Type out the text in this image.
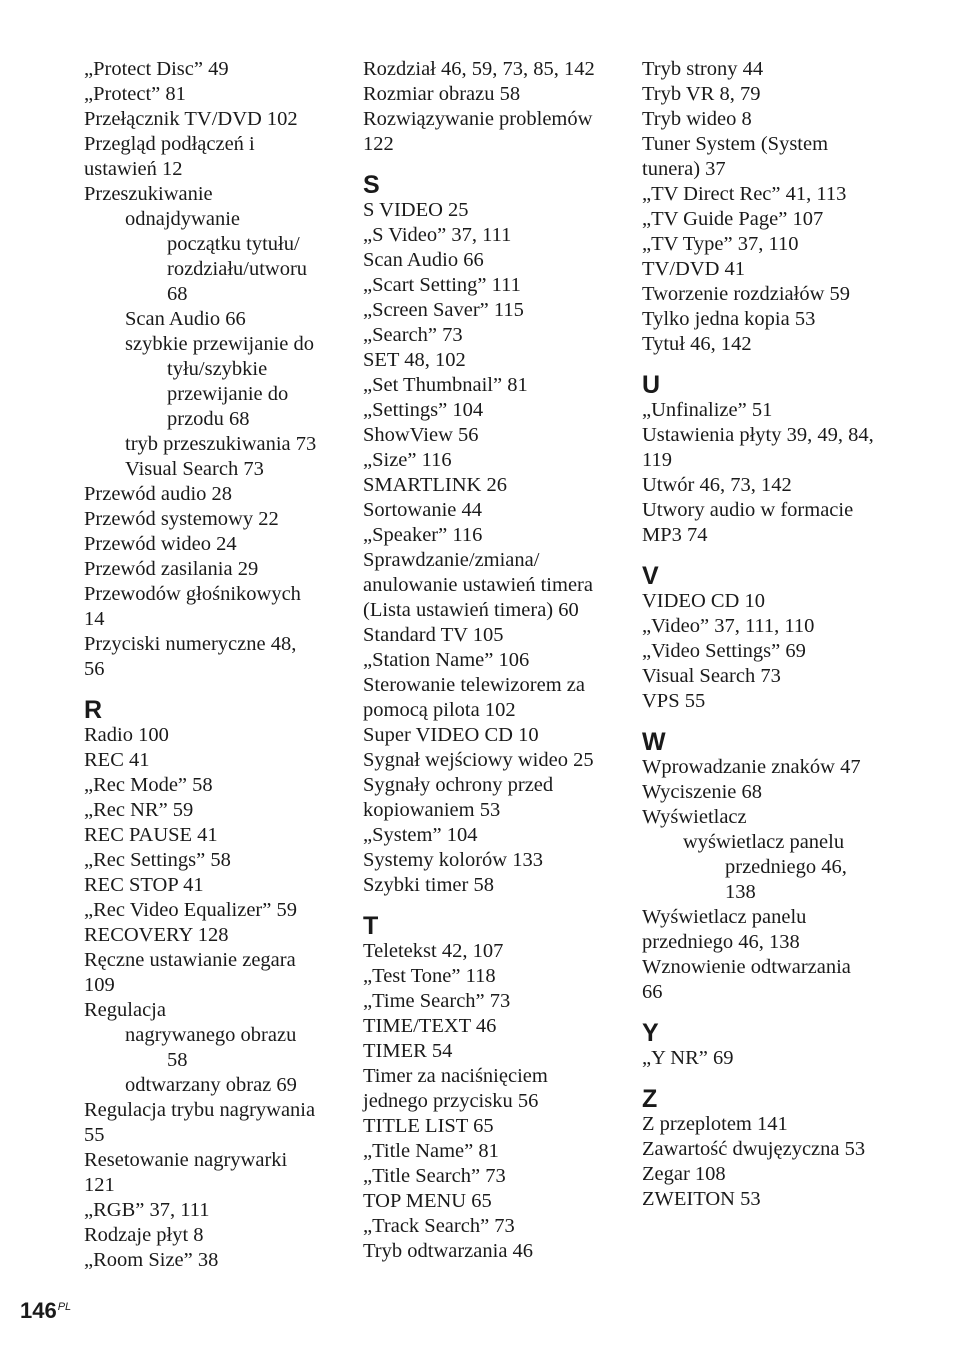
„Protect Disc” 49
„Protect” 81
Przełącznik TV/DVD 102
Przegląd podłączeń i
ustawień 12
Przeszukiwanie
odnajdywanie
początku tytułu/
rozdziału/utworu
68
Scan Audio 66
szybkie przewijanie do
tyłu/szybkie
przewijanie do
przodu 68
tryb przeszukiwania 73
Visual Search 73
Przewód audio 28
Przewód systemowy 22
Przewód wideo 24
Przewód zasilania 29
Przewodów głośnikowych
14
Przyciski numeryczne 48,
56
R
Radio 100
REC 41
„Rec Mode” 58
„Rec NR” 59
REC PAUSE 41
„Rec Settings” 58
REC STOP 41
„Rec Video Equalizer” 59
RECOVERY 128
Ręczne ustawianie zegara
109
Regulacja
nagrywanego obrazu
58
odtwarzany obraz 69
Regulacja trybu nagrywania
55
Resetowanie nagrywarki
121
„RGB” 37, 111
Rodzaje płyt 8
„Room Size” 38
Rozdział 46, 59, 73, 85, 142
Rozmiar obrazu 58
Rozwiązywanie problemów
122
S
S VIDEO 25
„S Video” 37, 111
Scan Audio 66
„Scart Setting” 111
„Screen Saver” 115
„Search” 73
SET 48, 102
„Set Thumbnail” 81
„Settings” 104
ShowView 56
„Size” 116
SMARTLINK 26
Sortowanie 44
„Speaker” 116
Sprawdzanie/zmiana/
anulowanie ustawień timera
(Lista ustawień timera) 60
Standard TV 105
„Station Name” 106
Sterowanie telewizorem za
pomocą pilota 102
Super VIDEO CD 10
Sygnał wejściowy wideo 25
Sygnały ochrony przed
kopiowaniem 53
„System” 104
Systemy kolorów 133
Szybki timer 58
T
Teletekst 42, 107
„Test Tone” 118
„Time Search” 73
TIME/TEXT 46
TIMER 54
Timer za naciśnięciem
jednego przycisku 56
TITLE LIST 65
„Title Name” 81
„Title Search” 73
TOP MENU 65
„Track Search” 73
Tryb odtwarzania 46
Tryb strony 44
Tryb VR 8, 79
Tryb wideo 8
Tuner System (System
tunera) 37
„TV Direct Rec” 41, 113
„TV Guide Page” 107
„TV Type” 37, 110
TV/DVD 41
Tworzenie rozdziałów 59
Tylko jedna kopia 53
Tytuł 46, 142
U
„Unfinalize” 51
Ustawienia płyty 39, 49, 84,
119
Utwór 46, 73, 142
Utwory audio w formacie
MP3 74
V
VIDEO CD 10
„Video” 37, 111, 110
„Video Settings” 69
Visual Search 73
VPS 55
W
Wprowadzanie znaków 47
Wyciszenie 68
Wyświetlacz
wyświetlacz panelu
przedniego 46,
138
Wyświetlacz panelu
przedniego 46, 138
Wznowienie odtwarzania
66
Y
„Y NR” 69
Z
Z przeplotem 141
Zawartość dwujęzyczna 53
Zegar 108
ZWEITON 53
$146^{PL}$
